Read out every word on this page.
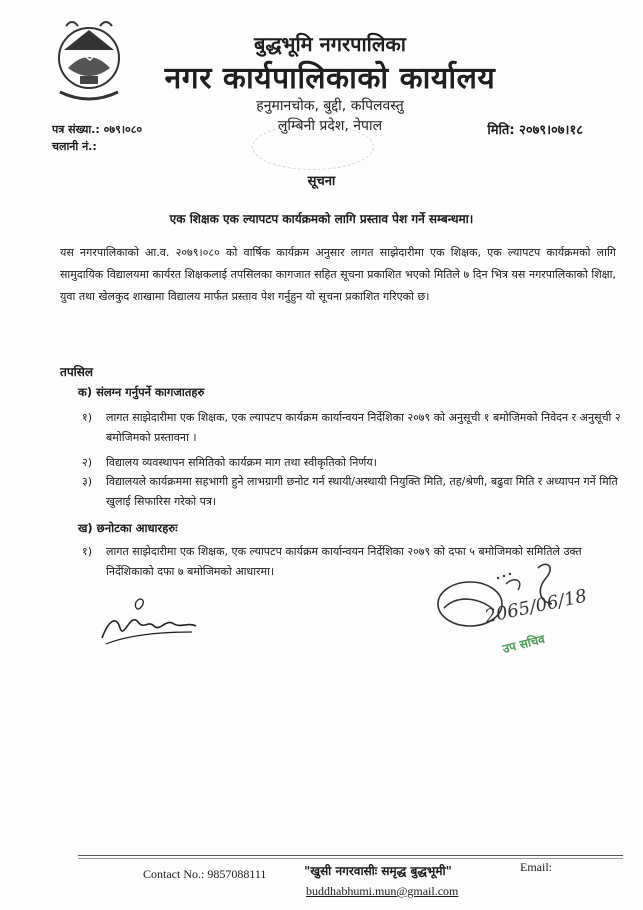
बुद्धभूमि नगरपालिका
नगर कार्यपालिकाको कार्यालय
हनुमानचोक, बुद्दी, कपिलवस्तु
लुम्बिनी प्रदेश, नेपाल
पत्र संख्या.: ०७९।०८०
चलानी नं.:
मिति: २०७९।०७।१८
सूचना
एक शिक्षक एक ल्यापटप कार्यक्रमको लागि प्रस्ताव पेश गर्ने सम्बन्धमा।
यस नगरपालिकाको आ.व. २०७९।०८० को वार्षिक कार्यक्रम अनुसार लागत साझेदारीमा एक शिक्षक, एक ल्यापटप कार्यक्रमको लागि सामुदायिक विद्यालयमा कार्यरत शिक्षकलाई तपसिलका कागजात सहित सूचना प्रकाशित भएको मितिले ७ दिन भित्र यस नगरपालिकाको शिक्षा, युवा तथा खेलकुद शाखामा विद्यालय मार्फत प्रस्ताव पेश गर्नुहुन यो सूचना प्रकाशित गरिएको छ।
तपसिल
क) संलग्न गर्नुपर्ने कागजातहरु
१)	लागत साझेदारीमा एक शिक्षक, एक ल्यापटप कार्यक्रम कार्यान्वयन निर्देशिका २०७९ को अनुसूची १ बमोजिमको निवेदन र अनुसूची २ बमोजिमको प्रस्तावना ।
२)	विद्यालय व्यवस्थापन समितिको कार्यक्रम माग तथा स्वीकृतिको निर्णय।
३)	विद्यालयले कार्यक्रममा सहभागी हुने लाभग्रागी छनोट गर्न स्थायी/अस्थायी नियुक्ति मिति, तह/श्रेणी, बढुवा मिति र अध्यापन गर्ने मिति खुलाई सिफारिस गरेको पत्र।
ख) छनोटका आधारहरुः
१)	लागत साझेदारीमा एक शिक्षक, एक ल्यापटप कार्यक्रम कार्यान्वयन निर्देशिका २०७९ को दफा ५ बमोजिमको समितिले उक्त निर्देशिकाको दफा ७ बमोजिमको आधारमा।
2065/06/18
उप सचिव
Contact No.: 9857088111	"खुसी नगरवासीः समृद्ध बुद्धभूमी"	Email:
buddhabhumi.mun@gmail.com
